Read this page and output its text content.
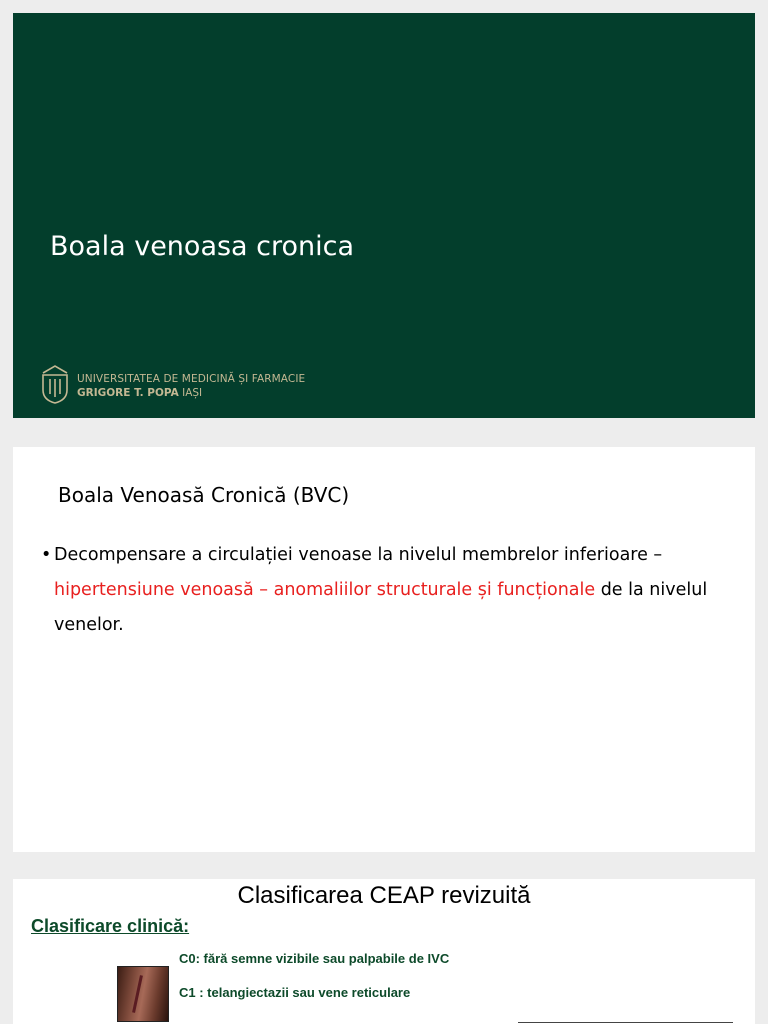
Boala venoasa cronica
UNIVERSITATEA DE MEDICINĂ ȘI FARMACIE
GRIGORE T. POPA IAȘI
Boala Venoasă Cronică (BVC)
• Decompensare a circulației venoase la nivelul membrelor inferioare – hipertensiune venoasă – anomaliilor structurale și funcționale de la nivelul venelor.
Clasificarea CEAP revizuită
Clasificare clinică:
C0: fără semne vizibile sau palpabile de IVC
C1 : telangiectazii sau vene reticulare
